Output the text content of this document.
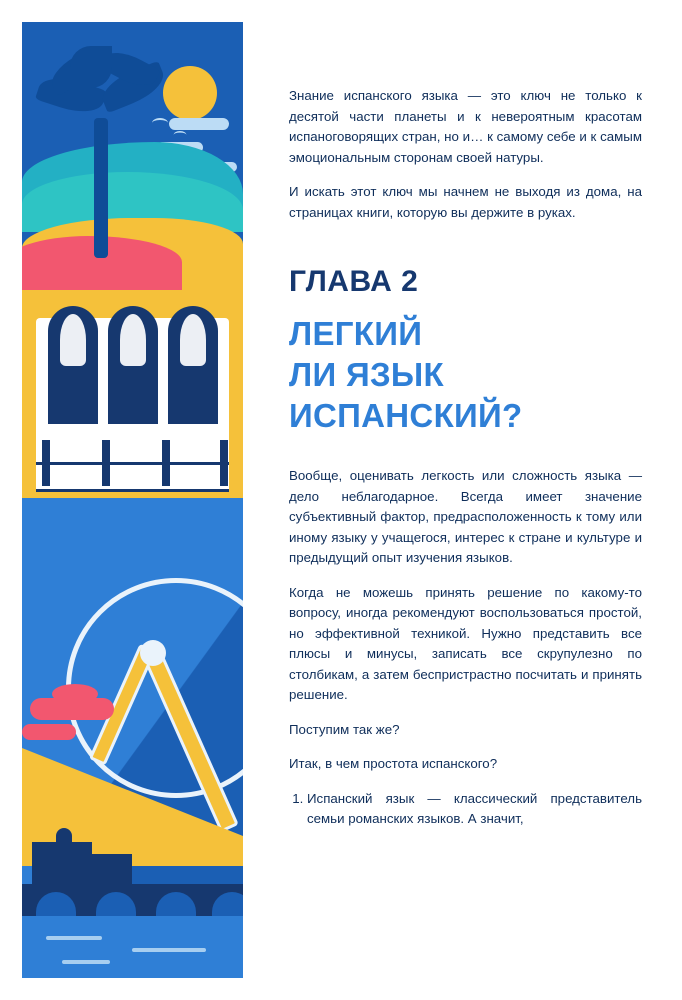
Знание испанского языка — это ключ не только к десятой части планеты и к невероятным красотам испаноговорящих стран, но и… к самому себе и к самым эмоциональным сторонам своей натуры.

И искать этот ключ мы начнем не выходя из дома, на страницах книги, которую вы держите в руках.

ГЛАВА 2
ЛЕГКИЙ
ЛИ ЯЗЫК
ИСПАНСКИЙ?

Вообще, оценивать легкость или сложность языка — дело неблагодарное. Всегда имеет значение субъективный фактор, предрасположенность к тому или иному языку у учащегося, интерес к стране и культуре и предыдущий опыт изучения языков.

Когда не можешь принять решение по какому-то вопросу, иногда рекомендуют воспользоваться простой, но эффективной техникой. Нужно представить все плюсы и минусы, записать все скрупулезно по столбикам, а затем беспристрастно посчитать и принять решение.

Поступим так же?

Итак, в чем простота испанского?

1. Испанский язык — классический представитель семьи романских языков. А значит,
